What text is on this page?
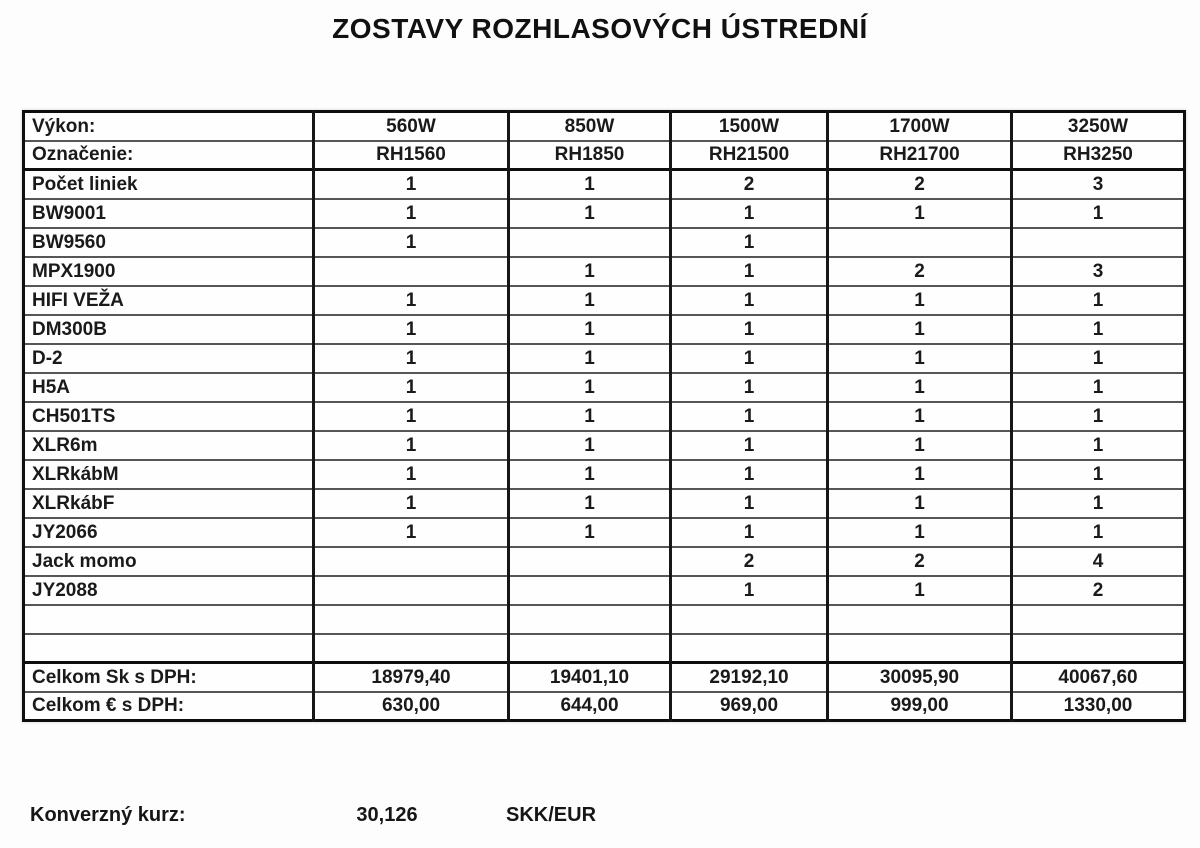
ZOSTAVY ROZHLASOVÝCH ÚSTREDNÍ
Výkon:	560W	850W	1500W	1700W	3250W
Označenie:	RH1560	RH1850	RH21500	RH21700	RH3250
Počet liniek	1	1	2	2	3
BW9001	1	1	1	1	1
BW9560	1		1		
MPX1900		1	1	2	3
HIFI VEŽA	1	1	1	1	1
DM300B	1	1	1	1	1
D-2	1	1	1	1	1
H5A	1	1	1	1	1
CH501TS	1	1	1	1	1
XLR6m	1	1	1	1	1
XLRkábM	1	1	1	1	1
XLRkábF	1	1	1	1	1
JY2066	1	1	1	1	1
Jack momo			2	2	4
JY2088			1	1	2

Celkom Sk s DPH:	18979,40	19401,10	29192,10	30095,90	40067,60
Celkom € s DPH:	630,00	644,00	969,00	999,00	1330,00
Konverzný kurz:	30,126	SKK/EUR
